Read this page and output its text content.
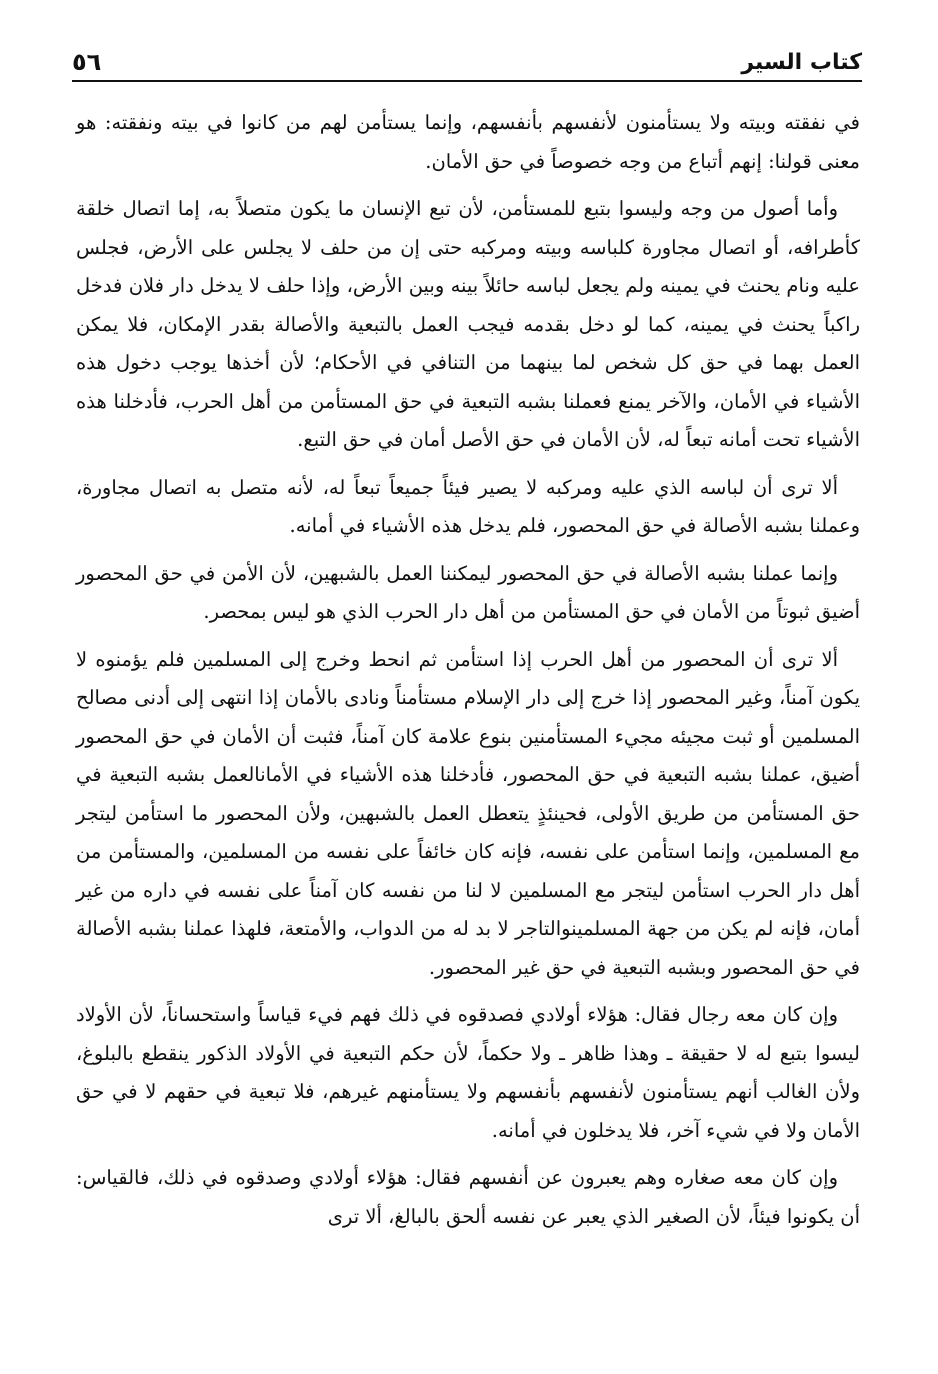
كتاب السير
٥٦

في نفقته وبيته ولا يستأمنون لأنفسهم بأنفسهم، وإنما يستأمن لهم من كانوا في بيته ونفقته: هو معنى قولنا: إنهم أتباع من وجه خصوصاً في حق الأمان.

وأما أصول من وجه وليسوا بتبع للمستأمن، لأن تبع الإنسان ما يكون متصلاً به، إما اتصال خلقة كأطرافه، أو اتصال مجاورة كلباسه وبيته ومركبه حتى إن من حلف لا يجلس على الأرض، فجلس عليه ونام يحنث في يمينه ولم يجعل لباسه حائلاً بينه وبين الأرض، وإذا حلف لا يدخل دار فلان فدخل راكباً يحنث في يمينه، كما لو دخل بقدمه فيجب العمل بالتبعية والأصالة بقدر الإمكان، فلا يمكن العمل بهما في حق كل شخص لما بينهما من التنافي في الأحكام؛ لأن أخذها يوجب دخول هذه الأشياء في الأمان، والآخر يمنع فعملنا بشبه التبعية في حق المستأمن من أهل الحرب، فأدخلنا هذه الأشياء تحت أمانه تبعاً له، لأن الأمان في حق الأصل أمان في حق التبع.

ألا ترى أن لباسه الذي عليه ومركبه لا يصير فيئاً جميعاً تبعاً له، لأنه متصل به اتصال مجاورة، وعملنا بشبه الأصالة في حق المحصور، فلم يدخل هذه الأشياء في أمانه.

وإنما عملنا بشبه الأصالة في حق المحصور ليمكننا العمل بالشبهين، لأن الأمن في حق المحصور أضيق ثبوتاً من الأمان في حق المستأمن من أهل دار الحرب الذي هو ليس بمحصر.

ألا ترى أن المحصور من أهل الحرب إذا استأمن ثم انحط وخرج إلى المسلمين فلم يؤمنوه لا يكون آمناً، وغير المحصور إذا خرج إلى دار الإسلام مستأمناً ونادى بالأمان إذا انتهى إلى أدنى مصالح المسلمين أو ثبت مجيئه مجيء المستأمنين بنوع علامة كان آمناً، فثبت أن الأمان في حق المحصور أضيق، عملنا بشبه التبعية في حق المحصور، فأدخلنا هذه الأشياء في الأمانالعمل بشبه التبعية في حق المستأمن من طريق الأولى، فحينئذٍ يتعطل العمل بالشبهين، ولأن المحصور ما استأمن ليتجر مع المسلمين، وإنما استأمن على نفسه، فإنه كان خائفاً على نفسه من المسلمين، والمستأمن من أهل دار الحرب استأمن ليتجر مع المسلمين لا لنا من نفسه كان آمناً على نفسه في داره من غير أمان، فإنه لم يكن من جهة المسلمينوالتاجر لا بد له من الدواب، والأمتعة، فلهذا عملنا بشبه الأصالة في حق المحصور وبشبه التبعية في حق غير المحصور.

وإن كان معه رجال فقال: هؤلاء أولادي فصدقوه في ذلك فهم فيء قياساً واستحساناً، لأن الأولاد ليسوا بتبع له لا حقيقة ـ وهذا ظاهر ـ ولا حكماً، لأن حكم التبعية في الأولاد الذكور ينقطع بالبلوغ، ولأن الغالب أنهم يستأمنون لأنفسهم بأنفسهم ولا يستأمنهم غيرهم، فلا تبعية في حقهم لا في حق الأمان ولا في شيء آخر، فلا يدخلون في أمانه.

وإن كان معه صغاره وهم يعبرون عن أنفسهم فقال: هؤلاء أولادي وصدقوه في ذلك، فالقياس: أن يكونوا فيئاً، لأن الصغير الذي يعبر عن نفسه ألحق بالبالغ، ألا ترى
